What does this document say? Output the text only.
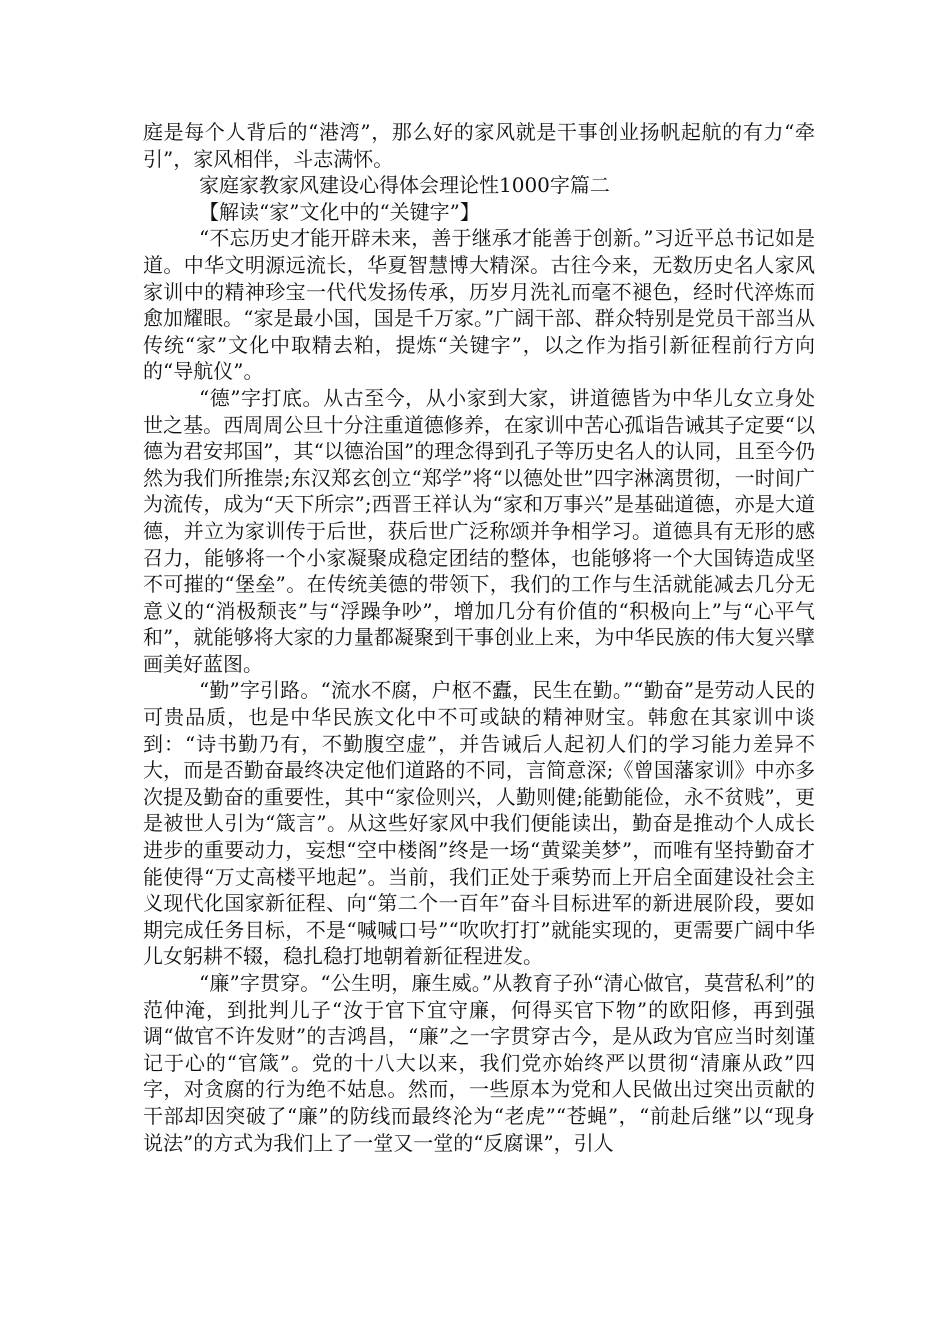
庭是每个人背后的“港湾”，那么好的家风就是干事创业扬帆起航的有力“牵引”，家风相伴，斗志满怀。

家庭家教家风建设心得体会理论性1000字篇二

【解读“家”文化中的“关键字”】

“不忘历史才能开辟未来，善于继承才能善于创新。”习近平总书记如是道。中华文明源远流长，华夏智慧博大精深。古往今来，无数历史名人家风家训中的精神珍宝一代代发扬传承，历岁月洗礼而毫不褪色，经时代淬炼而愈加耀眼。“家是最小国，国是千万家。”广阔干部、群众特别是党员干部当从传统“家”文化中取精去粕，提炼“关键字”，以之作为指引新征程前行方向的“导航仪”。

“德”字打底。从古至今，从小家到大家，讲道德皆为中华儿女立身处世之基。西周周公旦十分注重道德修养，在家训中苦心孤诣告诫其子定要“以德为君安邦国”，其“以德治国”的理念得到孔子等历史名人的认同，且至今仍然为我们所推崇;东汉郑玄创立“郑学”将“以德处世”四字淋漓贯彻，一时间广为流传，成为“天下所宗”;西晋王祥认为“家和万事兴”是基础道德，亦是大道德，并立为家训传于后世，获后世广泛称颂并争相学习。道德具有无形的感召力，能够将一个小家凝聚成稳定团结的整体，也能够将一个大国铸造成坚不可摧的“堡垒”。在传统美德的带领下，我们的工作与生活就能减去几分无意义的“消极颓丧”与“浮躁争吵”，增加几分有价值的“积极向上”与“心平气和”，就能够将大家的力量都凝聚到干事创业上来，为中华民族的伟大复兴擘画美好蓝图。

“勤”字引路。“流水不腐，户枢不蠹，民生在勤。”“勤奋”是劳动人民的可贵品质，也是中华民族文化中不可或缺的精神财宝。韩愈在其家训中谈到：“诗书勤乃有，不勤腹空虚”，并告诫后人起初人们的学习能力差异不大，而是否勤奋最终决定他们道路的不同，言简意深;《曾国藩家训》中亦多次提及勤奋的重要性，其中“家俭则兴，人勤则健;能勤能俭，永不贫贱”，更是被世人引为“箴言”。从这些好家风中我们便能读出，勤奋是推动个人成长进步的重要动力，妄想“空中楼阁”终是一场“黄粱美梦”，而唯有坚持勤奋才能使得“万丈高楼平地起”。当前，我们正处于乘势而上开启全面建设社会主义现代化国家新征程、向“第二个一百年”奋斗目标进军的新进展阶段，要如期完成任务目标，不是“喊喊口号”“吹吹打打”就能实现的，更需要广阔中华儿女躬耕不辍，稳扎稳打地朝着新征程进发。

“廉”字贯穿。“公生明，廉生威。”从教育子孙“清心做官，莫营私利”的范仲淹，到批判儿子“汝于官下宜守廉，何得买官下物”的欧阳修，再到强调“做官不许发财”的吉鸿昌，“廉”之一字贯穿古今，是从政为官应当时刻谨记于心的“官箴”。党的十八大以来，我们党亦始终严以贯彻“清廉从政”四字，对贪腐的行为绝不姑息。然而，一些原本为党和人民做出过突出贡献的干部却因突破了“廉”的防线而最终沦为“老虎”“苍蝇”，“前赴后继”以“现身说法”的方式为我们上了一堂又一堂的“反腐课”，引人
